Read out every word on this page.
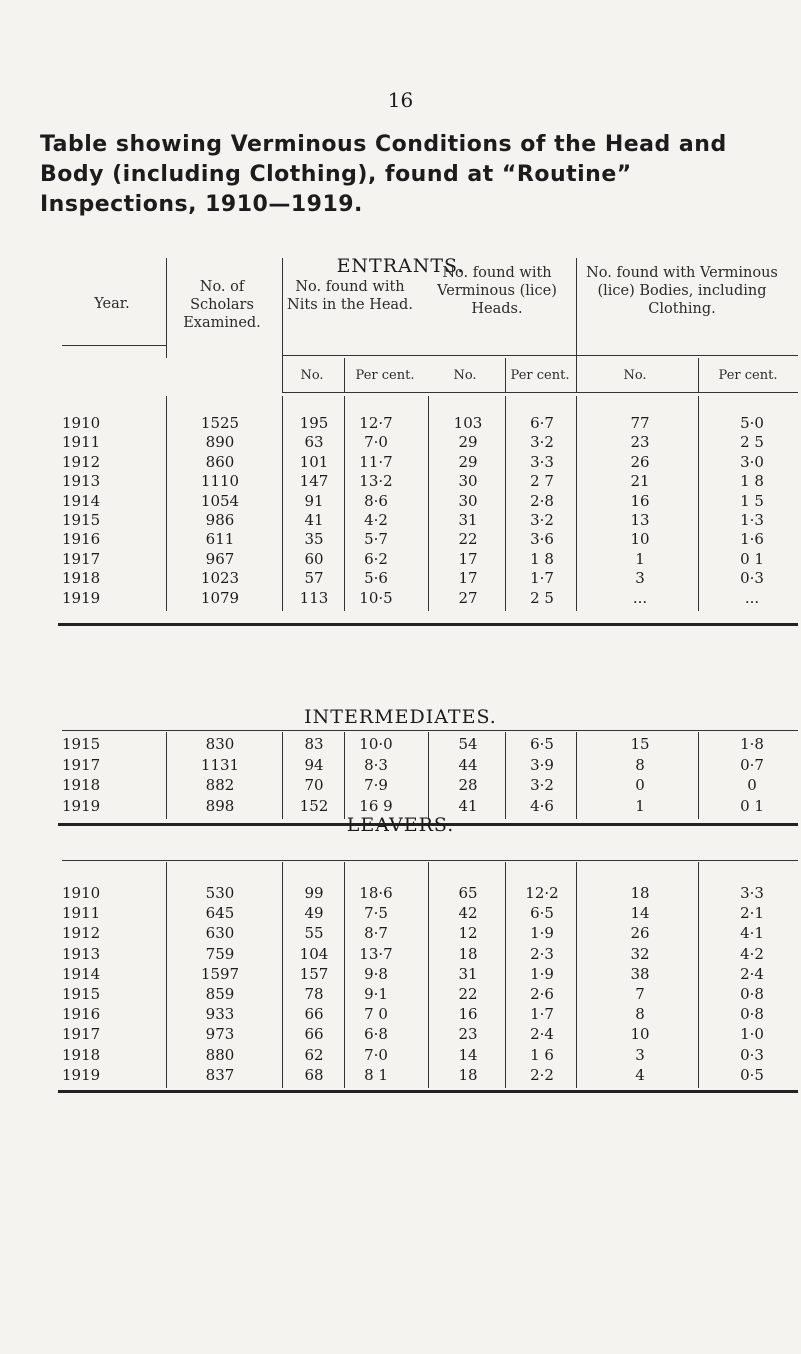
16
Table showing Verminous Conditions of the Head and Body (including Clothing), found at “Routine” Inspections, 1910—1919.
Year.
No. of Scholars Examined.
No. found with Nits in the Head.
No. found with Verminous (lice) Heads.
No. found with Verminous (lice) Bodies, including Clothing.
No.	Per cent.	No.	Per cent.	No.	Per cent.
ENTRANTS.
1910	1525	195	12·7	103	6·7	77	5·0
1911	890	63	7·0	29	3·2	23	2 5
1912	860	101	11·7	29	3·3	26	3·0
1913	1110	147	13·2	30	2 7	21	1 8
1914	1054	91	8·6	30	2·8	16	1 5
1915	986	41	4·2	31	3·2	13	1·3
1916	611	35	5·7	22	3·6	10	1·6
1917	967	60	6·2	17	1 8	1	0 1
1918	1023	57	5·6	17	1·7	3	0·3
1919	1079	113	10·5	27	2 5	...	...
INTERMEDIATES.
1915	830	83	10·0	54	6·5	15	1·8
1917	1131	94	8·3	44	3·9	8	0·7
1918	882	70	7·9	28	3·2	0	0
1919	898	152	16 9	41	4·6	1	0 1
LEAVERS.
1910	530	99	18·6	65	12·2	18	3·3
1911	645	49	7·5	42	6·5	14	2·1
1912	630	55	8·7	12	1·9	26	4·1
1913	759	104	13·7	18	2·3	32	4·2
1914	1597	157	9·8	31	1·9	38	2·4
1915	859	78	9·1	22	2·6	7	0·8
1916	933	66	7 0	16	1·7	8	0·8
1917	973	66	6·8	23	2·4	10	1·0
1918	880	62	7·0	14	1 6	3	0·3
1919	837	68	8 1	18	2·2	4	0·5
